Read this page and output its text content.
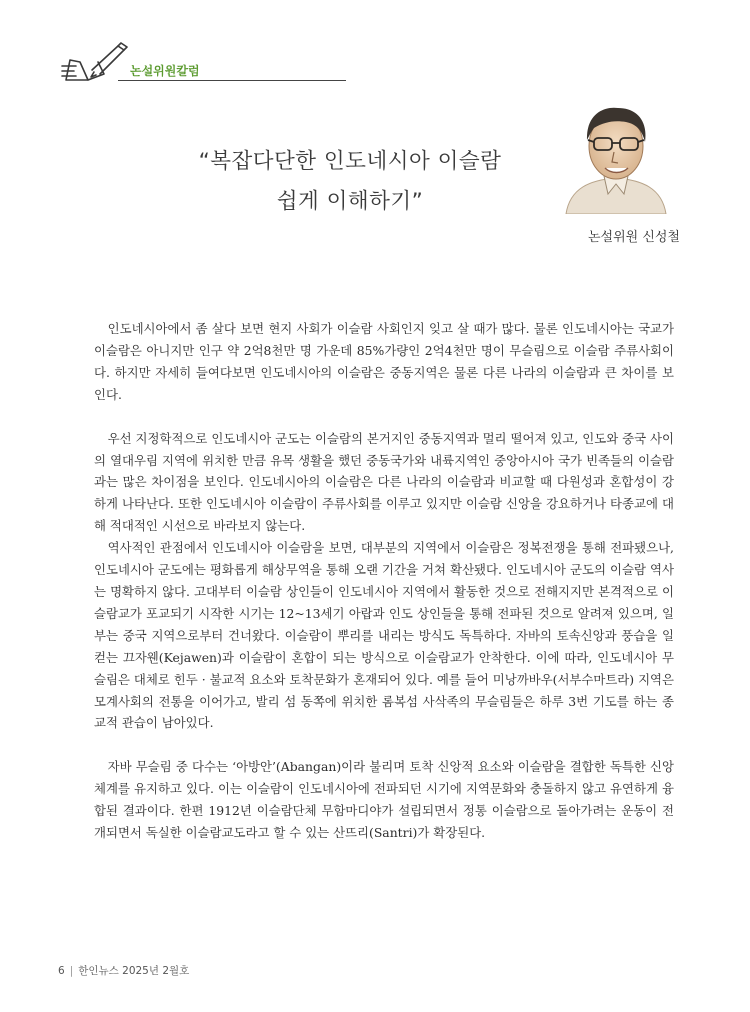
논설위원칼럼
“복잡다단한 인도네시아 이슬람
쉽게 이해하기”
논설위원 신성철

인도네시아에서 좀 살다 보면 현지 사회가 이슬람 사회인지 잊고 살 때가 많다. 물론 인도네시아는 국교가 이슬람은 아니지만 인구 약 2억8천만 명 가운데 85%가량인 2억4천만 명이 무슬림으로 이슬람 주류사회이다. 하지만 자세히 들여다보면 인도네시아의 이슬람은 중동지역은 물론 다른 나라의 이슬람과 큰 차이를 보인다.

우선 지정학적으로 인도네시아 군도는 이슬람의 본거지인 중동지역과 멀리 떨어져 있고, 인도와 중국 사이의 열대우림 지역에 위치한 만큼 유목 생활을 했던 중동국가와 내륙지역인 중앙아시아 국가 빈족들의 이슬람과는 많은 차이점을 보인다. 인도네시아의 이슬람은 다른 나라의 이슬람과 비교할 때 다원성과 혼합성이 강하게 나타난다. 또한 인도네시아 이슬람이 주류사회를 이루고 있지만 이슬람 신앙을 강요하거나 타종교에 대해 적대적인 시선으로 바라보지 않는다.

역사적인 관점에서 인도네시아 이슬람을 보면, 대부분의 지역에서 이슬람은 정복전쟁을 통해 전파됐으나, 인도네시아 군도에는 평화롭게 해상무역을 통해 오랜 기간을 거쳐 확산됐다. 인도네시아 군도의 이슬람 역사는 명확하지 않다. 고대부터 이슬람 상인들이 인도네시아 지역에서 활동한 것으로 전해지지만 본격적으로 이슬람교가 포교되기 시작한 시기는 12~13세기 아랍과 인도 상인들을 통해 전파된 것으로 알려져 있으며, 일부는 중국 지역으로부터 건너왔다. 이슬람이 뿌리를 내리는 방식도 독특하다. 자바의 토속신앙과 풍습을 일컫는 끄자웬(Kejawen)과 이슬람이 혼합이 되는 방식으로 이슬람교가 안착한다. 이에 따라, 인도네시아 무슬림은 대체로 힌두 · 불교적 요소와 토착문화가 혼재되어 있다. 예를 들어 미낭까바우(서부수마트라) 지역은 모계사회의 전통을 이어가고, 발리 섬 동쪽에 위치한 롬복섬 사삭족의 무슬림들은 하루 3번 기도를 하는 종교적 관습이 남아있다.

자바 무슬림 중 다수는 ‘아방안’(Abangan)이라 불리며 토착 신앙적 요소와 이슬람을 결합한 독특한 신앙 체계를 유지하고 있다. 이는 이슬람이 인도네시아에 전파되던 시기에 지역문화와 충돌하지 않고 유연하게 융합된 결과이다. 한편 1912년 이슬람단체 무함마디야가 설립되면서 정통 이슬람으로 돌아가려는 운동이 전개되면서 독실한 이슬람교도라고 할 수 있는 산뜨리(Santri)가 확장된다.

6 | 한인뉴스 2025년 2월호
